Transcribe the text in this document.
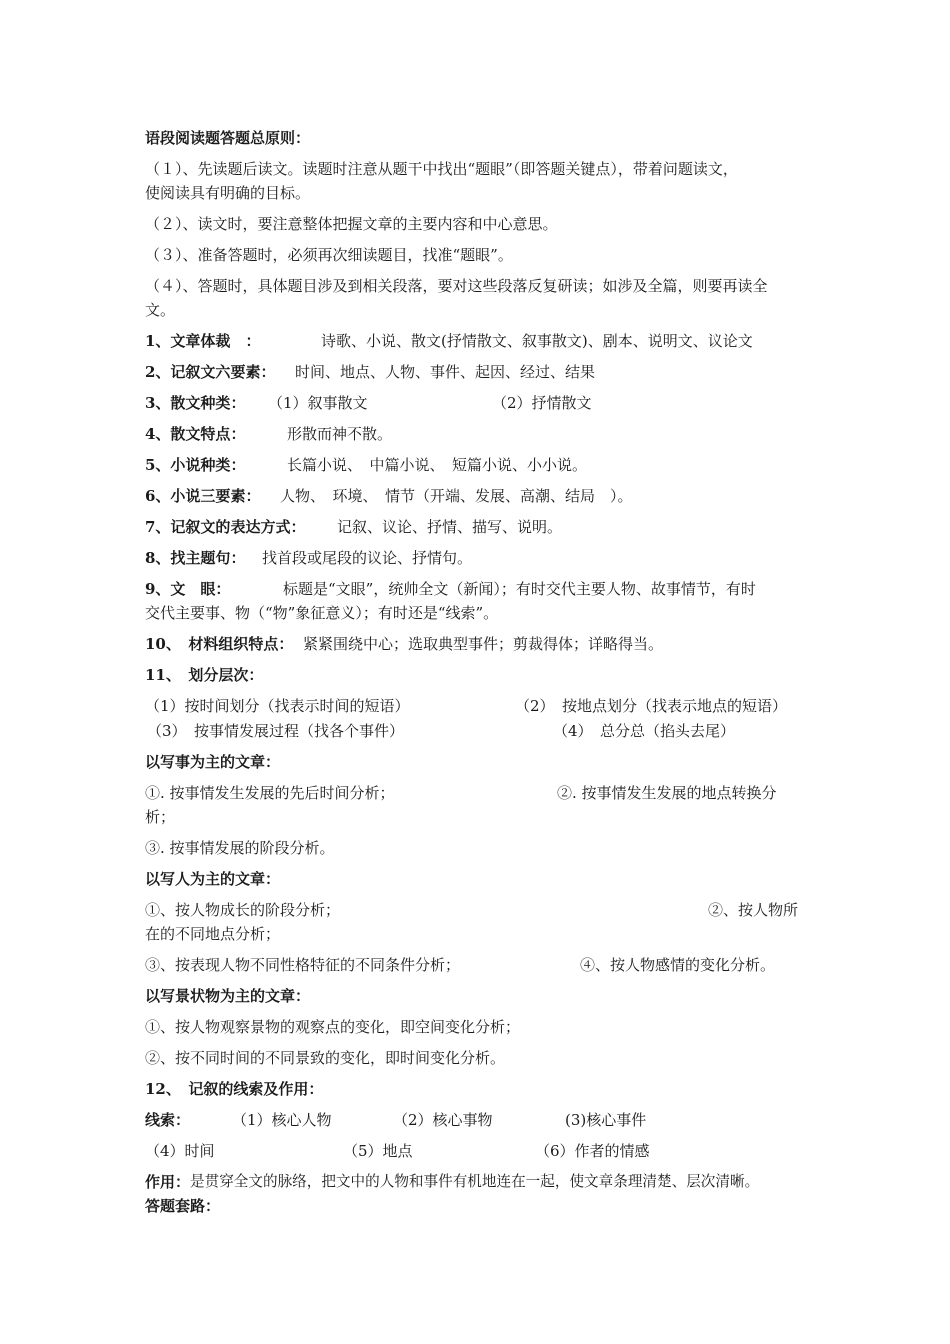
语段阅读题答题总原则：
（１）、先读题后读文。读题时注意从题干中找出“题眼”（即答题关键点），带着问题读文，
使阅读具有明确的目标。
（２）、读文时，要注意整体把握文章的主要内容和中心意思。
（３）、准备答题时，必须再次细读题目，找准“题眼”。
（４）、答题时，具体题目涉及到相关段落，要对这些段落反复研读；如涉及全篇，则要再读全
文。
1、文章体裁　：	诗歌、小说、散文(抒情散文、叙事散文)、剧本、说明文、议论文
2、记叙文六要素： 时间、地点、人物、事件、起因、经过、结果
3、散文种类： （1）叙事散文	（2）抒情散文
4、散文特点：	形散而神不散。
5、小说种类：	长篇小说、　中篇小说、　短篇小说、小小说。
6、小说三要素： 人物、　环境、　情节（开端、发展、高潮、结局　）。
7、记叙文的表达方式： 记叙、议论、抒情、描写、说明。
8、找主题句： 找首段或尾段的议论、抒情句。
9、文　眼：	标题是“文眼”，统帅全文（新闻）；有时交代主要人物、故事情节，有时
交代主要事、物（“物”象征意义）；有时还是“线索”。
10、　材料组织特点： 紧紧围绕中心；选取典型事件；剪裁得体；详略得当。
11、　划分层次：
（1）按时间划分（找表示时间的短语）	（2）　按地点划分（找表示地点的短语）
（3）　按事情发展过程（找各个事件）	（4）　总分总（掐头去尾）
以写事为主的文章：
①. 按事情发生发展的先后时间分析；	②. 按事情发生发展的地点转换分
析；
③. 按事情发展的阶段分析。
以写人为主的文章：
①、按人物成长的阶段分析；	②、按人物所
在的不同地点分析；
③、按表现人物不同性格特征的不同条件分析；	④、按人物感情的变化分析。
以写景状物为主的文章：
①、按人物观察景物的观察点的变化，即空间变化分析；
②、按不同时间的不同景致的变化，即时间变化分析。
12、　记叙的线索及作用：
线索：	（1）核心人物	（2）核心事物	(3)核心事件
（4）时间	（5）地点	（6）作者的情感
作用： 是贯穿全文的脉络，把文中的人物和事件有机地连在一起，使文章条理清楚、层次清晰。
答题套路：
